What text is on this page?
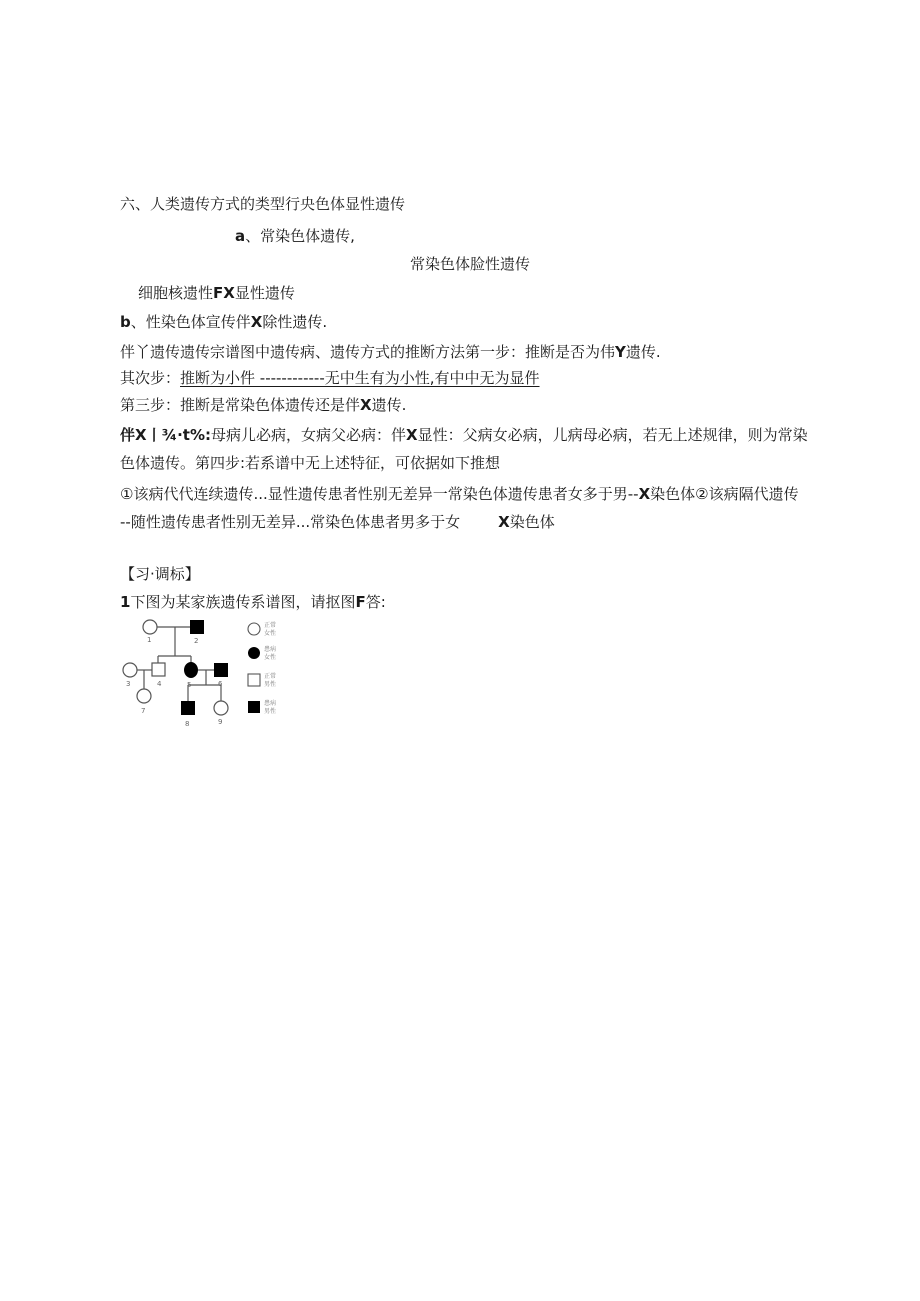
六、人类遗传方式的类型行央色体显性遗传
a、常染色体遗传,
常染色体脸性遗传
细胞核遗性FX显性遗传
b、性染色体宣传伴X除性遗传.
伴丫遗传遗传宗谱图中遗传病、遗传方式的推断方法第一步：推断是否为伟Y遗传.
其次步：推断为小件 ------------无中生有为小性,有中中无为显件
第三步：推断是常染色体遗传还是伴X遗传.
伴X丨¾·t%:母病儿必病，女病父必病：伴X显性：父病女必病，儿病母必病，若无上述规律，则为常染
色体遗传。第四步:若系谱中无上述特征，可依据如下推想
①该病代代连续遗传...显性遗传患者性别无差异一常染色体遗传患者女多于男--X染色体②该病隔代遗传
--随性遗传患者性别无差异...常染色体患者男多于女	X染色体
【习·调标】
1下图为某家族遗传系谱图，请抠图F答:
1	2
3	4	5	6
7
8	9
正常
女性
患病
女性
正常
男性
患病
男性
